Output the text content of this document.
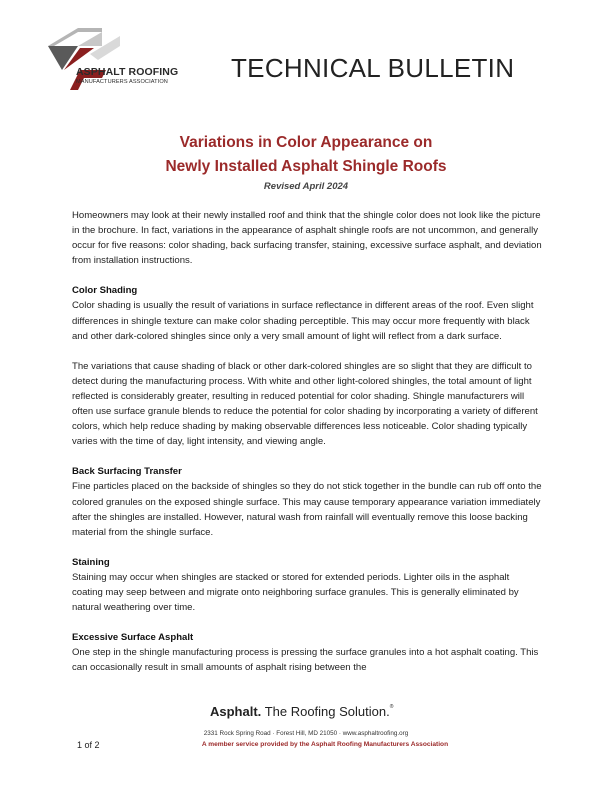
ASPHALT ROOFING
MANUFACTURERS ASSOCIATION TECHNICAL BULLETIN
Variations in Color Appearance on
Newly Installed Asphalt Shingle Roofs
Revised April 2024

Homeowners may look at their newly installed roof and think that the shingle color does not look like the picture in the brochure. In fact, variations in the appearance of asphalt shingle roofs are not uncommon, and generally occur for five reasons: color shading, back surfacing transfer, staining, excessive surface asphalt, and deviation from installation instructions.

Color Shading

Color shading is usually the result of variations in surface reflectance in different areas of the roof. Even slight differences in shingle texture can make color shading perceptible. This may occur more frequently with black and other dark-colored shingles since only a very small amount of light will reflect from a dark surface.

The variations that cause shading of black or other dark-colored shingles are so slight that they are difficult to detect during the manufacturing process. With white and other light-colored shingles, the total amount of light reflected is considerably greater, resulting in reduced potential for color shading. Shingle manufacturers will often use surface granule blends to reduce the potential for color shading by incorporating a variety of different colors, which help reduce shading by making observable differences less noticeable. Color shading typically varies with the time of day, light intensity, and viewing angle.

Back Surfacing Transfer

Fine particles placed on the backside of shingles so they do not stick together in the bundle can rub off onto the colored granules on the exposed shingle surface. This may cause temporary appearance variation immediately after the shingles are installed. However, natural wash from rainfall will eventually remove this loose backing material from the shingle surface.

Staining

Staining may occur when shingles are stacked or stored for extended periods. Lighter oils in the asphalt coating may seep between and migrate onto neighboring surface granules. This is generally eliminated by natural weathering over time.

Excessive Surface Asphalt

One step in the shingle manufacturing process is pressing the surface granules into a hot asphalt coating. This can occasionally result in small amounts of asphalt rising between the

Asphalt. The Roofing Solution.®
2331 Rock Spring Road · Forest Hill, MD 21050 · www.asphaltroofing.org
1 of 2	A member service provided by the Asphalt Roofing Manufacturers Association
